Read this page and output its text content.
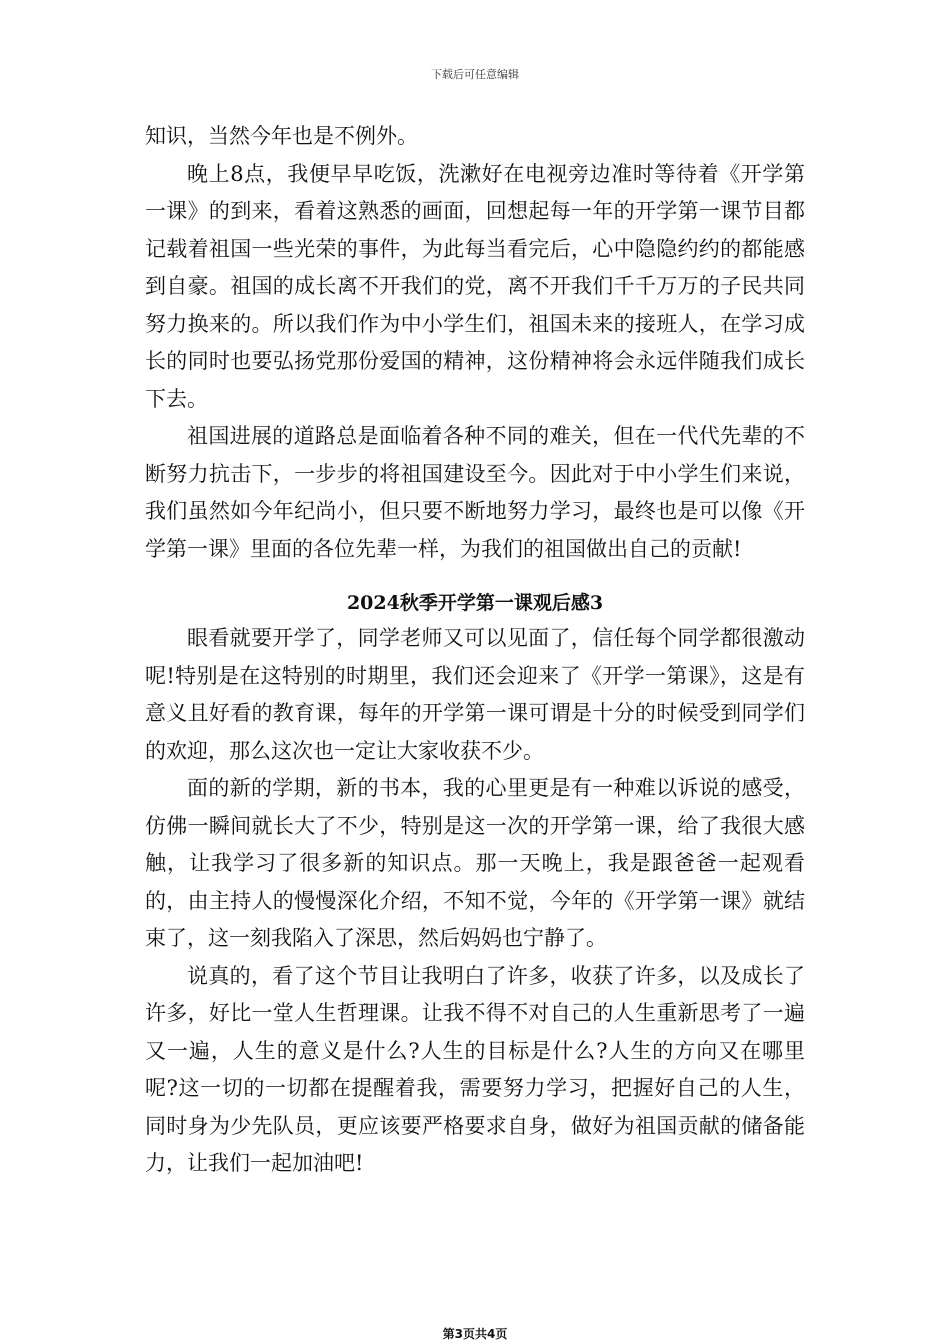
下载后可任意编辑

知识，当然今年也是不例外。

晚上8点，我便早早吃饭，洗漱好在电视旁边准时等待着《开学第一课》的到来，看着这熟悉的画面，回想起每一年的开学第一课节目都记载着祖国一些光荣的事件，为此每当看完后，心中隐隐约约的都能感到自豪。祖国的成长离不开我们的党，离不开我们千千万万的子民共同努力换来的。所以我们作为中小学生们，祖国未来的接班人，在学习成长的同时也要弘扬党那份爱国的精神，这份精神将会永远伴随我们成长下去。

祖国进展的道路总是面临着各种不同的难关，但在一代代先辈的不断努力抗击下，一步步的将祖国建设至今。因此对于中小学生们来说，我们虽然如今年纪尚小，但只要不断地努力学习，最终也是可以像《开学第一课》里面的各位先辈一样，为我们的祖国做出自己的贡献!

2024秋季开学第一课观后感3

眼看就要开学了，同学老师又可以见面了，信任每个同学都很激动呢!特别是在这特别的时期里，我们还会迎来了《开学一第课》，这是有意义且好看的教育课，每年的开学第一课可谓是十分的时候受到同学们的欢迎，那么这次也一定让大家收获不少。

面的新的学期，新的书本，我的心里更是有一种难以诉说的感受，仿佛一瞬间就长大了不少，特别是这一次的开学第一课，给了我很大感触，让我学习了很多新的知识点。那一天晚上，我是跟爸爸一起观看的，由主持人的慢慢深化介绍，不知不觉，今年的《开学第一课》就结束了，这一刻我陷入了深思，然后妈妈也宁静了。

说真的，看了这个节目让我明白了许多，收获了许多，以及成长了许多，好比一堂人生哲理课。让我不得不对自己的人生重新思考了一遍又一遍，人生的意义是什么?人生的目标是什么?人生的方向又在哪里呢?这一切的一切都在提醒着我，需要努力学习，把握好自己的人生，同时身为少先队员，更应该要严格要求自身，做好为祖国贡献的储备能力，让我们一起加油吧!

第3页共4页
